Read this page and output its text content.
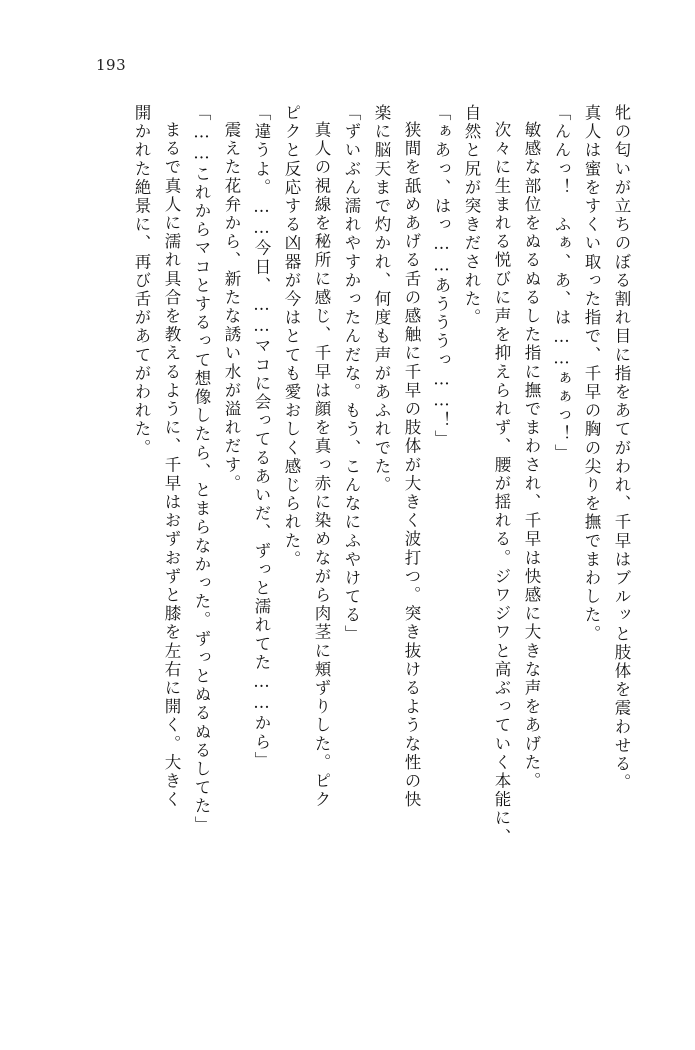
193
牝の匂いが立ちのぼる割れ目に指をあてがわれ、千早はブルッと肢体を震わせる。
真人は蜜をすくい取った指で、千早の胸の尖りを撫でまわした。
「んんっ！　ふぁ、あ、は……ぁぁっ！」
敏感な部位をぬるぬるした指に撫でまわされ、千早は快感に大きな声をあげた。
次々に生まれる悦びに声を抑えられず、腰が揺れる。ジワジワと高ぶっていく本能に、
自然と尻が突きだされた。
「ぁあっ、はっ……あうううっ……！」
狭間を舐めあげる舌の感触に千早の肢体が大きく波打つ。突き抜けるような性の快
楽に脳天まで灼かれ、何度も声があふれでた。
「ずいぶん濡れやすかったんだな。もう、こんなにふやけてる」
真人の視線を秘所に感じ、千早は顔を真っ赤に染めながら肉茎に頬ずりした。ピク
ピクと反応する凶器が今はとても愛おしく感じられた。
「違うよ。……今日、……マコに会ってるあいだ、ずっと濡れてた……から」
震えた花弁から、新たな誘い水が溢れだす。
「……これからマコとするって想像したら、とまらなかった。ずっとぬるぬるしてた」
まるで真人に濡れ具合を教えるように、千早はおずおずと膝を左右に開く。大きく
開かれた絶景に、再び舌があてがわれた。
